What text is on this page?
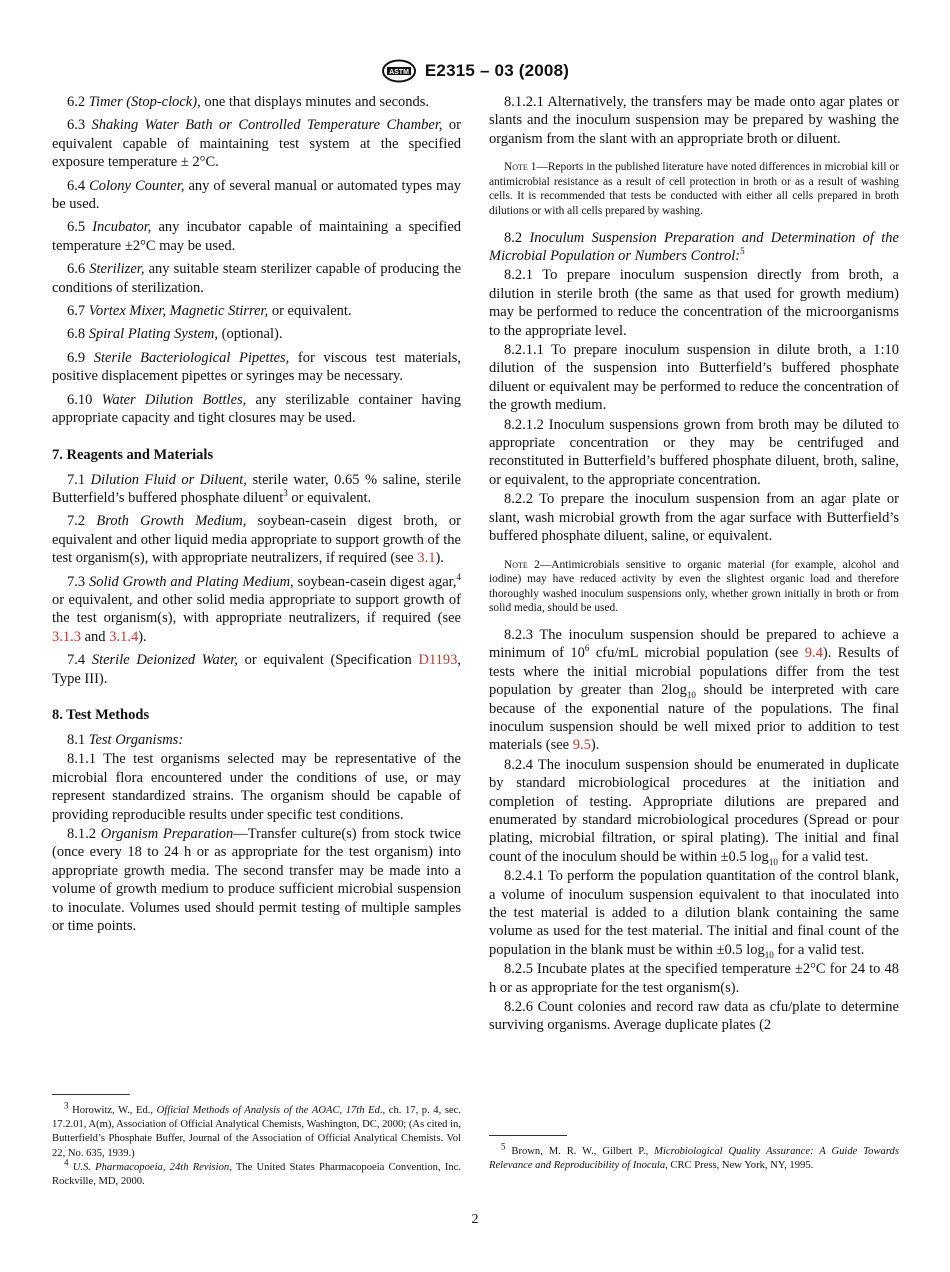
ASTM E2315 – 03 (2008)

6.2 Timer (Stop-clock), one that displays minutes and seconds.

6.3 Shaking Water Bath or Controlled Temperature Chamber, or equivalent capable of maintaining test system at the specified exposure temperature ± 2°C.

6.4 Colony Counter, any of several manual or automated types may be used.

6.5 Incubator, any incubator capable of maintaining a specified temperature ±2°C may be used.

6.6 Sterilizer, any suitable steam sterilizer capable of producing the conditions of sterilization.

6.7 Vortex Mixer, Magnetic Stirrer, or equivalent.

6.8 Spiral Plating System, (optional).

6.9 Sterile Bacteriological Pipettes, for viscous test materials, positive displacement pipettes or syringes may be necessary.

6.10 Water Dilution Bottles, any sterilizable container having appropriate capacity and tight closures may be used.

7. Reagents and Materials

7.1 Dilution Fluid or Diluent, sterile water, 0.65 % saline, sterile Butterfield’s buffered phosphate diluent$^3$ or equivalent.

7.2 Broth Growth Medium, soybean-casein digest broth, or equivalent and other liquid media appropriate to support growth of the test organism(s), with appropriate neutralizers, if required (see 3.1).

7.3 Solid Growth and Plating Medium, soybean-casein digest agar,$^4$ or equivalent, and other solid media appropriate to support growth of the test organism(s), with appropriate neutralizers, if required (see 3.1.3 and 3.1.4).

7.4 Sterile Deionized Water, or equivalent (Specification D1193, Type III).

8. Test Methods

8.1 Test Organisms:

8.1.1 The test organisms selected may be representative of the microbial flora encountered under the conditions of use, or may represent standardized strains. The organism should be capable of providing reproducible results under specific test conditions.

8.1.2 Organism Preparation—Transfer culture(s) from stock twice (once every 18 to 24 h or as appropriate for the test organism) into appropriate growth media. The second transfer may be made into a volume of growth medium to produce sufficient microbial suspension to inoculate. Volumes used should permit testing of multiple samples or time points.

$^3$ Horowitz, W., Ed., Official Methods of Analysis of the AOAC, 17th Ed., ch. 17, p. 4, sec. 17.2.01, A(m), Association of Official Analytical Chemists, Washington, DC, 2000; (As cited in, Butterfield’s Phosphate Buffer, Journal of the Association of Official Analytical Chemists. Vol 22, No. 635, 1939.)

$^4$ U.S. Pharmacopoeia, 24th Revision, The United States Pharmacopoeia Convention, Inc. Rockville, MD, 2000.

8.1.2.1 Alternatively, the transfers may be made onto agar plates or slants and the inoculum suspension may be prepared by washing the organism from the slant with an appropriate broth or diluent.

Note 1—Reports in the published literature have noted differences in microbial kill or antimicrobial resistance as a result of cell protection in broth or as a result of washing cells. It is recommended that tests be conducted with either all cells prepared in broth dilutions or with all cells prepared by washing.

8.2 Inoculum Suspension Preparation and Determination of the Microbial Population or Numbers Control:$^5$

8.2.1 To prepare inoculum suspension directly from broth, a dilution in sterile broth (the same as that used for growth medium) may be performed to reduce the concentration of the microorganisms to the appropriate level.

8.2.1.1 To prepare inoculum suspension in dilute broth, a 1:10 dilution of the suspension into Butterfield’s buffered phosphate diluent or equivalent may be performed to reduce the concentration of the growth medium.

8.2.1.2 Inoculum suspensions grown from broth may be diluted to appropriate concentration or they may be centrifuged and reconstituted in Butterfield’s buffered phosphate diluent, broth, saline, or equivalent, to the appropriate concentration.

8.2.2 To prepare the inoculum suspension from an agar plate or slant, wash microbial growth from the agar surface with Butterfield’s buffered phosphate diluent, saline, or equivalent.

Note 2—Antimicrobials sensitive to organic material (for example, alcohol and iodine) may have reduced activity by even the slightest organic load and therefore thoroughly washed inoculum suspensions only, whether grown initially in broth or from solid media, should be used.

8.2.3 The inoculum suspension should be prepared to achieve a minimum of $10^6$ cfu/mL microbial population (see 9.4). Results of tests where the initial microbial populations differ from the test population by greater than $2\log_{10}$ should be interpreted with care because of the exponential nature of the populations. The final inoculum suspension should be well mixed prior to addition to test materials (see 9.5).

8.2.4 The inoculum suspension should be enumerated in duplicate by standard microbiological procedures at the initiation and completion of testing. Appropriate dilutions are prepared and enumerated by standard microbiological procedures (Spread or pour plating, microbial filtration, or spiral plating). The initial and final count of the inoculum should be within ±0.5 $\log_{10}$ for a valid test.

8.2.4.1 To perform the population quantitation of the control blank, a volume of inoculum suspension equivalent to that inoculated into the test material is added to a dilution blank containing the same volume as used for the test material. The initial and final count of the population in the blank must be within ±0.5 $\log_{10}$ for a valid test.

8.2.5 Incubate plates at the specified temperature ±2°C for 24 to 48 h or as appropriate for the test organism(s).

8.2.6 Count colonies and record raw data as cfu/plate to determine surviving organisms. Average duplicate plates (2

$^5$ Brown, M. R. W., Gilbert P., Microbiological Quality Assurance: A Guide Towards Relevance and Reproducibility of Inocula, CRC Press, New York, NY, 1995.

2
